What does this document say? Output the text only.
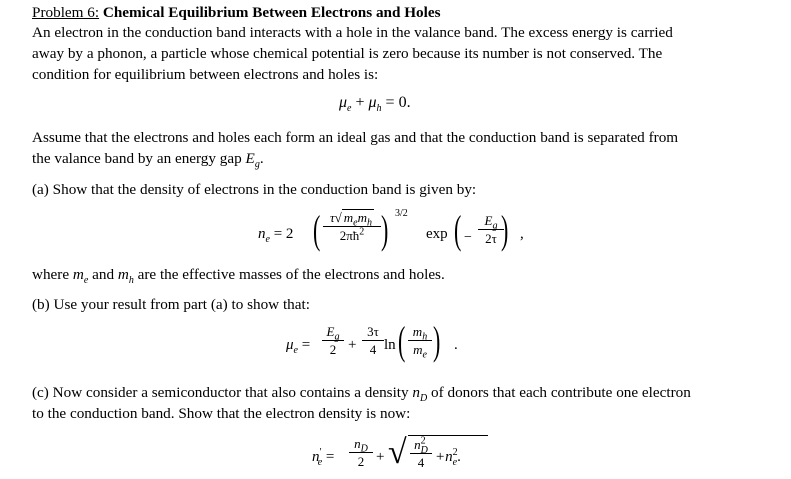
Problem 6: Chemical Equilibrium Between Electrons and Holes
An electron in the conduction band interacts with a hole in the valance band. The excess energy is carried
away by a phonon, a particle whose chemical potential is zero because its number is not conserved. The
condition for equilibrium between electrons and holes is:
$\mu_e + \mu_h = 0$.
Assume that the electrons and holes each form an ideal gas and that the conduction band is separated from
the valance band by an energy gap $E_g$.
(a) Show that the density of electrons in the conduction band is given by:
$n_e = 2$ ( τ√ $m_em_h$
$2\pi ħ^2$ ) 3/2
exp ( −
$E_g$
2τ ) ,
where $m_e$ and $m_h$ are the effective masses of the electrons and holes.
(b) Use your result from part (a) to show that:
$\mu_e$ =
$E_g$
2 +
3τ
4 ln ( $m_h$
$m_e$ ) .
(c) Now consider a semiconductor that also contains a density $n_D$ of donors that each contribute one electron
to the conduction band. Show that the electron density is now:
$n'_e$ =
$n_D$
2 + √ $n^2_D$
$4 +n^2_e$.
